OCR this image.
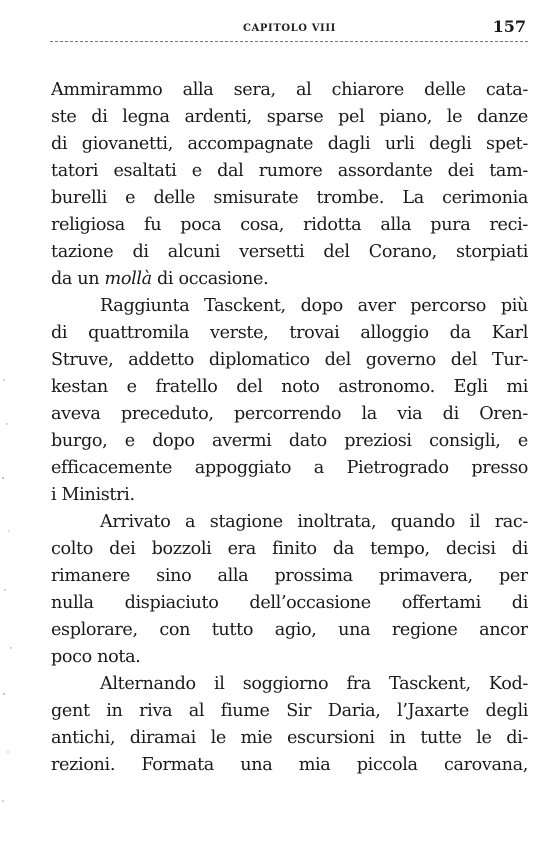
CAPITOLO VIII	157
Ammirammo alla sera, al chiarore delle cata-
ste di legna ardenti, sparse pel piano, le danze
di giovanetti, accompagnate dagli urli degli spet-
tatori esaltati e dal rumore assordante dei tam-
burelli e delle smisurate trombe. La cerimonia
religiosa fu poca cosa, ridotta alla pura reci-
tazione di alcuni versetti del Corano, storpiati
da un mollà di occasione.
Raggiunta Tasckent, dopo aver percorso più
di quattromila verste, trovai alloggio da Karl
Struve, addetto diplomatico del governo del Tur-
kestan e fratello del noto astronomo. Egli mi
aveva preceduto, percorrendo la via di Oren-
burgo, e dopo avermi dato preziosi consigli, e
efficacemente appoggiato a Pietrogrado presso
i Ministri.
Arrivato a stagione inoltrata, quando il rac-
colto dei bozzoli era finito da tempo, decisi di
rimanere sino alla prossima primavera, per
nulla dispiaciuto dell’occasione offertami di
esplorare, con tutto agio, una regione ancor
poco nota.
Alternando il soggiorno fra Tasckent, Kod-
gent in riva al fiume Sir Daria, l’Jaxarte degli
antichi, diramai le mie escursioni in tutte le di-
rezioni. Formata una mia piccola carovana,
